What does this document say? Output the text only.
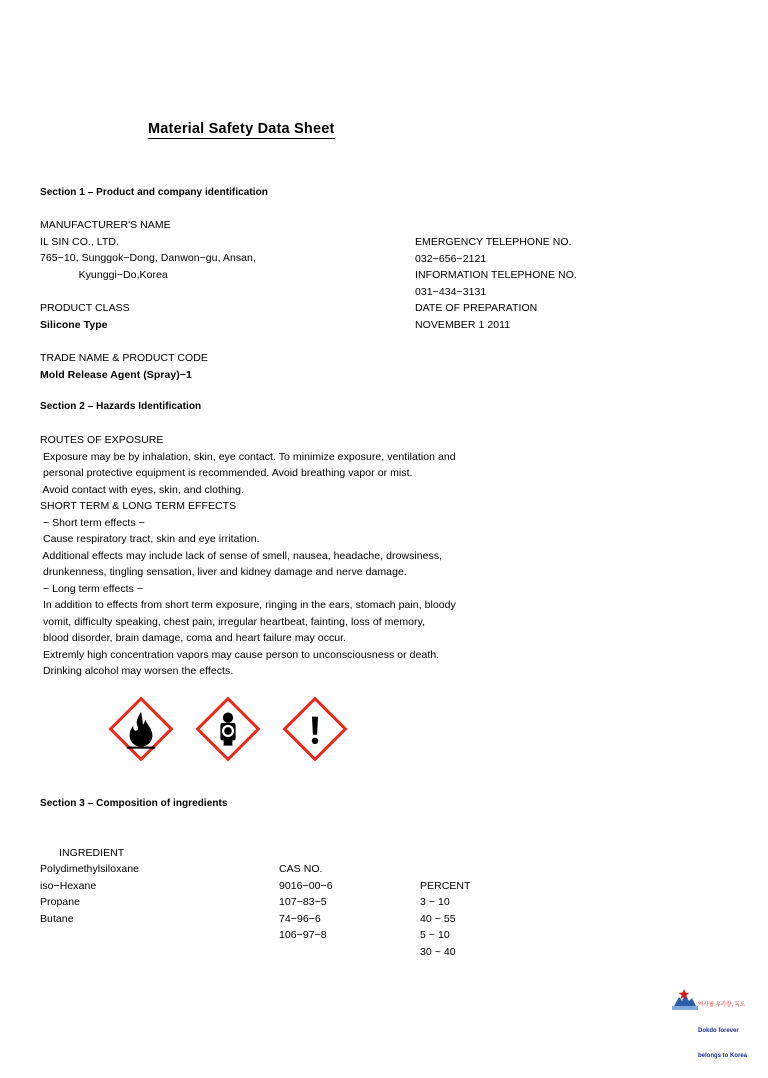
Material Safety Data Sheet
Section 1 – Product and company identification
MANUFACTURER'S NAME
IL SIN CO., LTD.
765−10, Sunggok−Dong, Danwon−gu, Ansan,
Kyunggi−Do,Korea
EMERGENCY TELEPHONE NO.
032−656−2121
INFORMATION TELEPHONE NO.
031−434−3131
PRODUCT CLASS
Silicone Type
DATE OF PREPARATION
NOVEMBER 1 2011
TRADE NAME & PRODUCT CODE
Mold Release Agent (Spray)−1
Section 2 – Hazards Identification
ROUTES OF EXPOSURE
Exposure may be by inhalation, skin, eye contact. To minimize exposure, ventilation and
personal protective equipment is recommended. Avoid breathing vapor or mist.
Avoid contact with eyes, skin, and clothing.
SHORT TERM & LONG TERM EFFECTS
− Short term effects −
Cause respiratory tract, skin and eye irritation.
Additional effects may include lack of sense of smell, nausea, headache, drowsiness,
drunkenness, tingling sensation, liver and kidney damage and nerve damage.
− Long term effects −
In addition to effects from short term exposure, ringing in the ears, stomach pain, bloody
vomit, difficulty speaking, chest pain, irregular heartbeat, fainting, loss of memory,
blood disorder, brain damage, coma and heart failure may occur.
Extremly high concentration vapors may cause person to unconsciousness or death.
Drinking alcohol may worsen the effects.
Section 3 – Composition of ingredients

INGREDIENT

CAS NO.

PERCENT

Polydimethylsiloxane

9016−00−6

3 − 10

iso−Hexane

107−83−5

40 − 55

Propane

74−96−6

5 ~ 10

Butane

106−97−8

30 ~ 40

역사를 우리량, 독도

Dokdo forever

belongs to Korea
